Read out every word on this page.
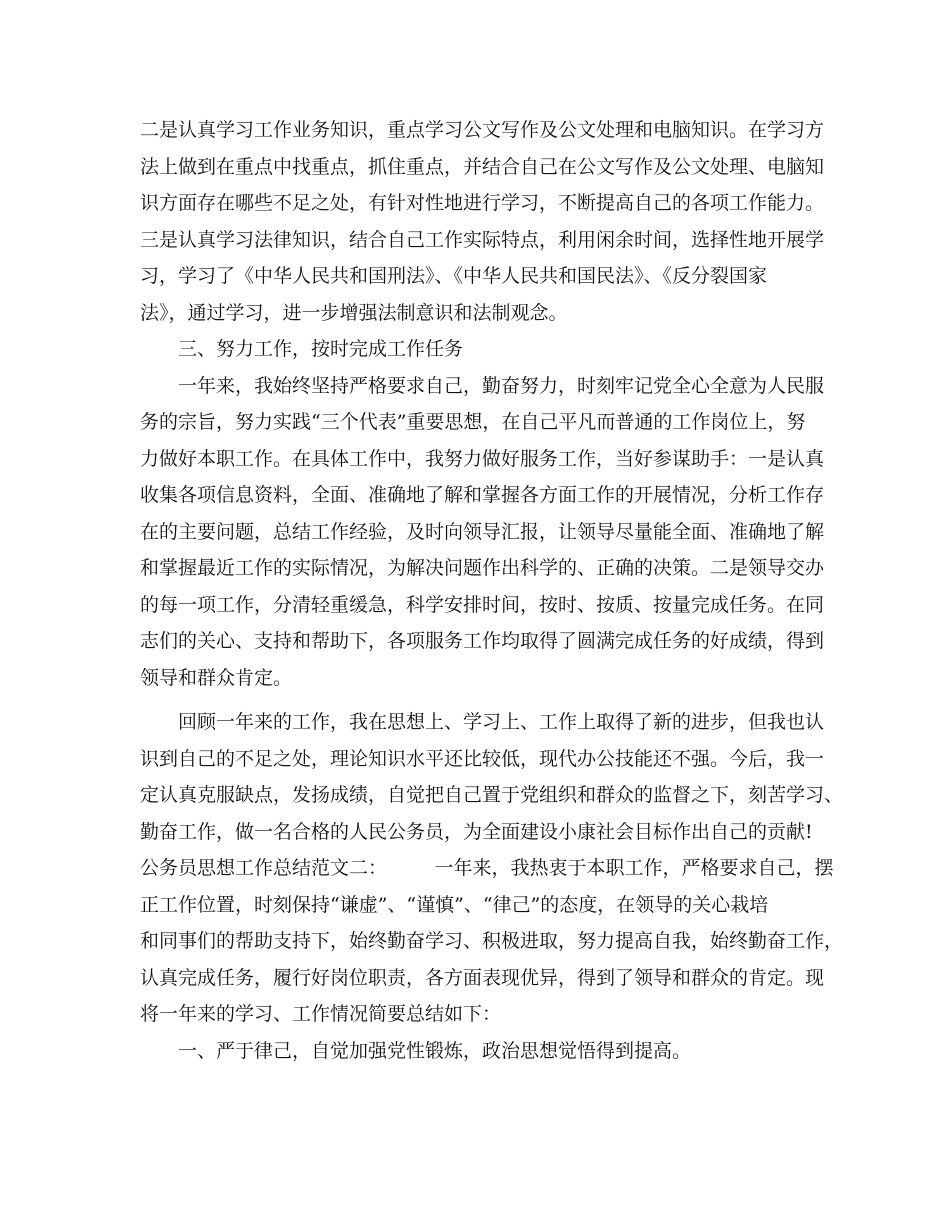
二是认真学习工作业务知识，重点学习公文写作及公文处理和电脑知识。在学习方
法上做到在重点中找重点，抓住重点，并结合自己在公文写作及公文处理、电脑知
识方面存在哪些不足之处，有针对性地进行学习，不断提高自己的各项工作能力。
三是认真学习法律知识，结合自己工作实际特点，利用闲余时间，选择性地开展学
习，学习了《中华人民共和国刑法》、《中华人民共和国民法》、《反分裂国家
法》，通过学习，进一步增强法制意识和法制观念。
　　三、努力工作，按时完成工作任务
　　一年来，我始终坚持严格要求自己，勤奋努力，时刻牢记党全心全意为人民服
务的宗旨，努力实践“三个代表”重要思想，在自己平凡而普通的工作岗位上，努
力做好本职工作。在具体工作中，我努力做好服务工作，当好参谋助手：一是认真
收集各项信息资料，全面、准确地了解和掌握各方面工作的开展情况，分析工作存
在的主要问题，总结工作经验，及时向领导汇报，让领导尽量能全面、准确地了解
和掌握最近工作的实际情况，为解决问题作出科学的、正确的决策。二是领导交办
的每一项工作，分清轻重缓急，科学安排时间，按时、按质、按量完成任务。在同
志们的关心、支持和帮助下，各项服务工作均取得了圆满完成任务的好成绩，得到
领导和群众肯定。
　　回顾一年来的工作，我在思想上、学习上、工作上取得了新的进步，但我也认
识到自己的不足之处，理论知识水平还比较低，现代办公技能还不强。今后，我一
定认真克服缺点，发扬成绩，自觉把自己置于党组织和群众的监督之下，刻苦学习、
勤奋工作，做一名合格的人民公务员，为全面建设小康社会目标作出自己的贡献!
公务员思想工作总结范文二：　　　一年来，我热衷于本职工作，严格要求自己，摆
正工作位置，时刻保持“谦虚”、“谨慎”、“律己”的态度，在领导的关心栽培
和同事们的帮助支持下，始终勤奋学习、积极进取，努力提高自我，始终勤奋工作，
认真完成任务，履行好岗位职责，各方面表现优异，得到了领导和群众的肯定。现
将一年来的学习、工作情况简要总结如下：
　　一、严于律己，自觉加强党性锻炼，政治思想觉悟得到提高。
